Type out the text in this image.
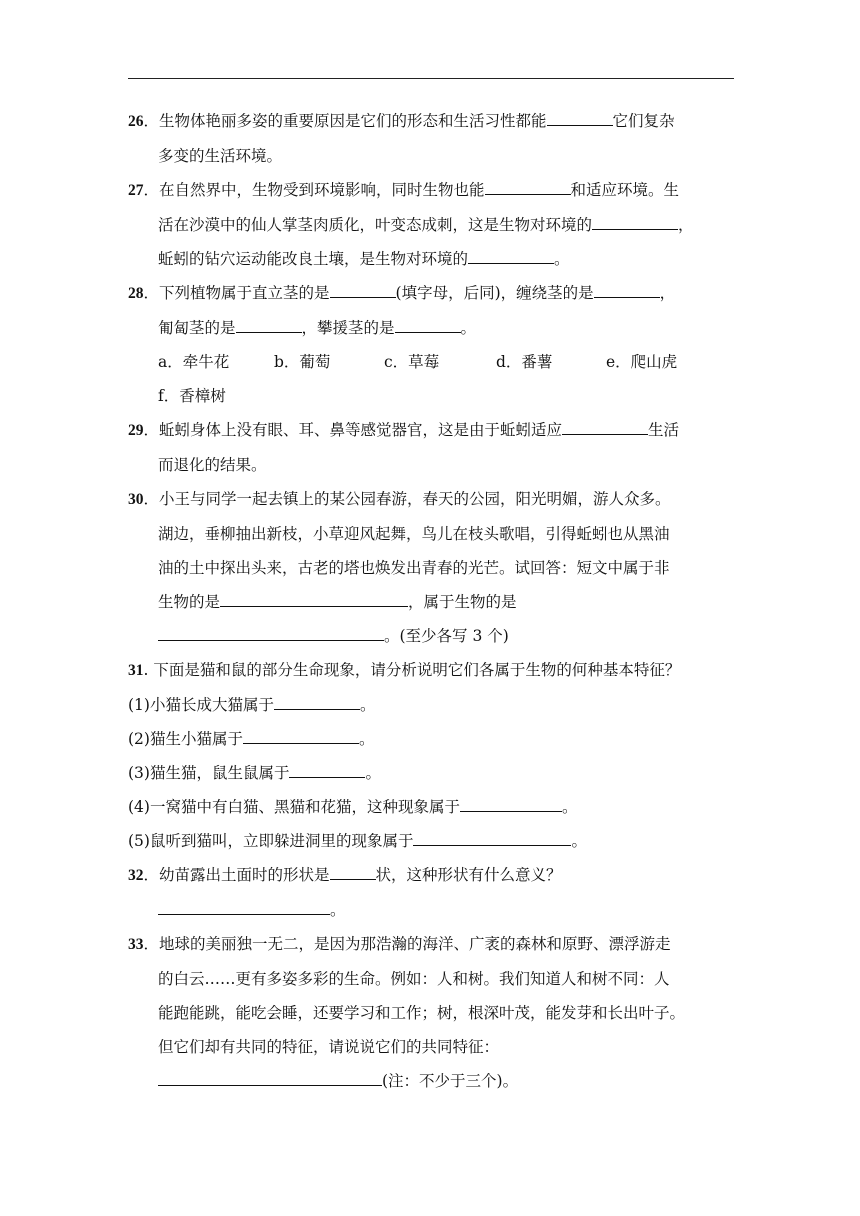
26．生物体艳丽多姿的重要原因是它们的形态和生活习性都能	它们复杂
多变的生活环境。
27．在自然界中，生物受到环境影响，同时生物也能	和适应环境。生
活在沙漠中的仙人掌茎肉质化，叶变态成刺，这是生物对环境的	，
蚯蚓的钻穴运动能改良土壤，是生物对环境的	。
28．下列植物属于直立茎的是	(填字母，后同)，缠绕茎的是	，
匍匐茎的是	，攀援茎的是	。
a．牵牛花	b．葡萄	c．草莓	d．番薯	e．爬山虎
f．香樟树
29．蚯蚓身体上没有眼、耳、鼻等感觉器官，这是由于蚯蚓适应	生活
而退化的结果。
30．小王与同学一起去镇上的某公园春游，春天的公园，阳光明媚，游人众多。
湖边，垂柳抽出新枝，小草迎风起舞，鸟儿在枝头歌唱，引得蚯蚓也从黑油
油的土中探出头来，古老的塔也焕发出青春的光芒。试回答：短文中属于非
生物的是	，属于生物的是
。(至少各写 3 个)
31. 下面是猫和鼠的部分生命现象，请分析说明它们各属于生物的何种基本特征？
(1)小猫长成大猫属于	。
(2)猫生小猫属于	。
(3)猫生猫，鼠生鼠属于	。
(4)一窝猫中有白猫、黑猫和花猫，这种现象属于	。
(5)鼠听到猫叫，立即躲进洞里的现象属于	。
32．幼苗露出土面时的形状是	状，这种形状有什么意义？
。
33．地球的美丽独一无二，是因为那浩瀚的海洋、广袤的森林和原野、漂浮游走
的白云……更有多姿多彩的生命。例如：人和树。我们知道人和树不同：人
能跑能跳，能吃会睡，还要学习和工作；树，根深叶茂，能发芽和长出叶子。
但它们却有共同的特征，请说说它们的共同特征：
(注：不少于三个)。
